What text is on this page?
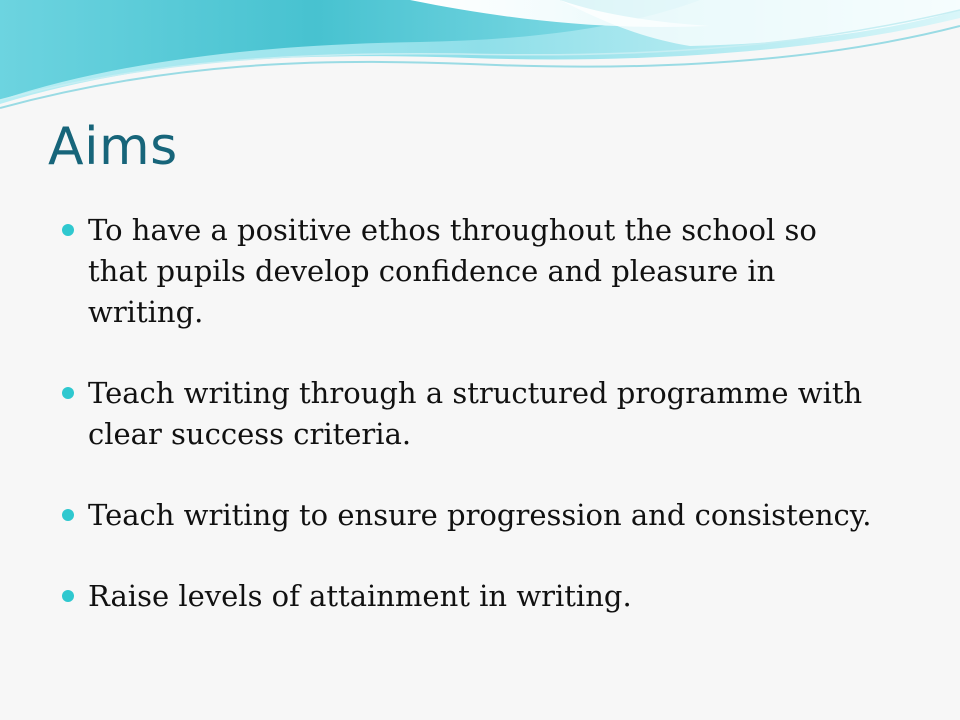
Aims
To have a positive ethos throughout the school so that pupils develop confidence and pleasure in writing.
Teach writing through a structured programme with clear success criteria.
Teach writing to ensure progression and consistency.
Raise levels of attainment in writing.
